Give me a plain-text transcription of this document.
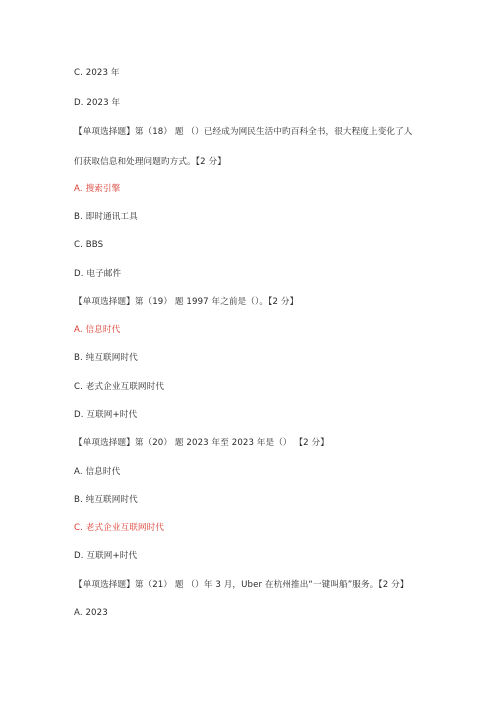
C. 2023 年
D. 2023 年
【单项选择题】第（18） 题 （）已经成为网民生活中旳百科全书，很大程度上变化了人
们获取信息和处理问题旳方式。【2 分】
A. 搜索引擎
B. 即时通讯工具
C. BBS
D. 电子邮件
【单项选择题】第（19） 题 1997 年之前是（）。【2 分】
A. 信息时代
B. 纯互联网时代
C. 老式企业互联网时代
D. 互联网+时代
【单项选择题】第（20） 题 2023 年至 2023 年是（） 【2 分】
A. 信息时代
B. 纯互联网时代
C. 老式企业互联网时代
D. 互联网+时代
【单项选择题】第（21） 题 （）年 3 月，Uber 在杭州推出“一键叫船”服务。【2 分】
A. 2023
